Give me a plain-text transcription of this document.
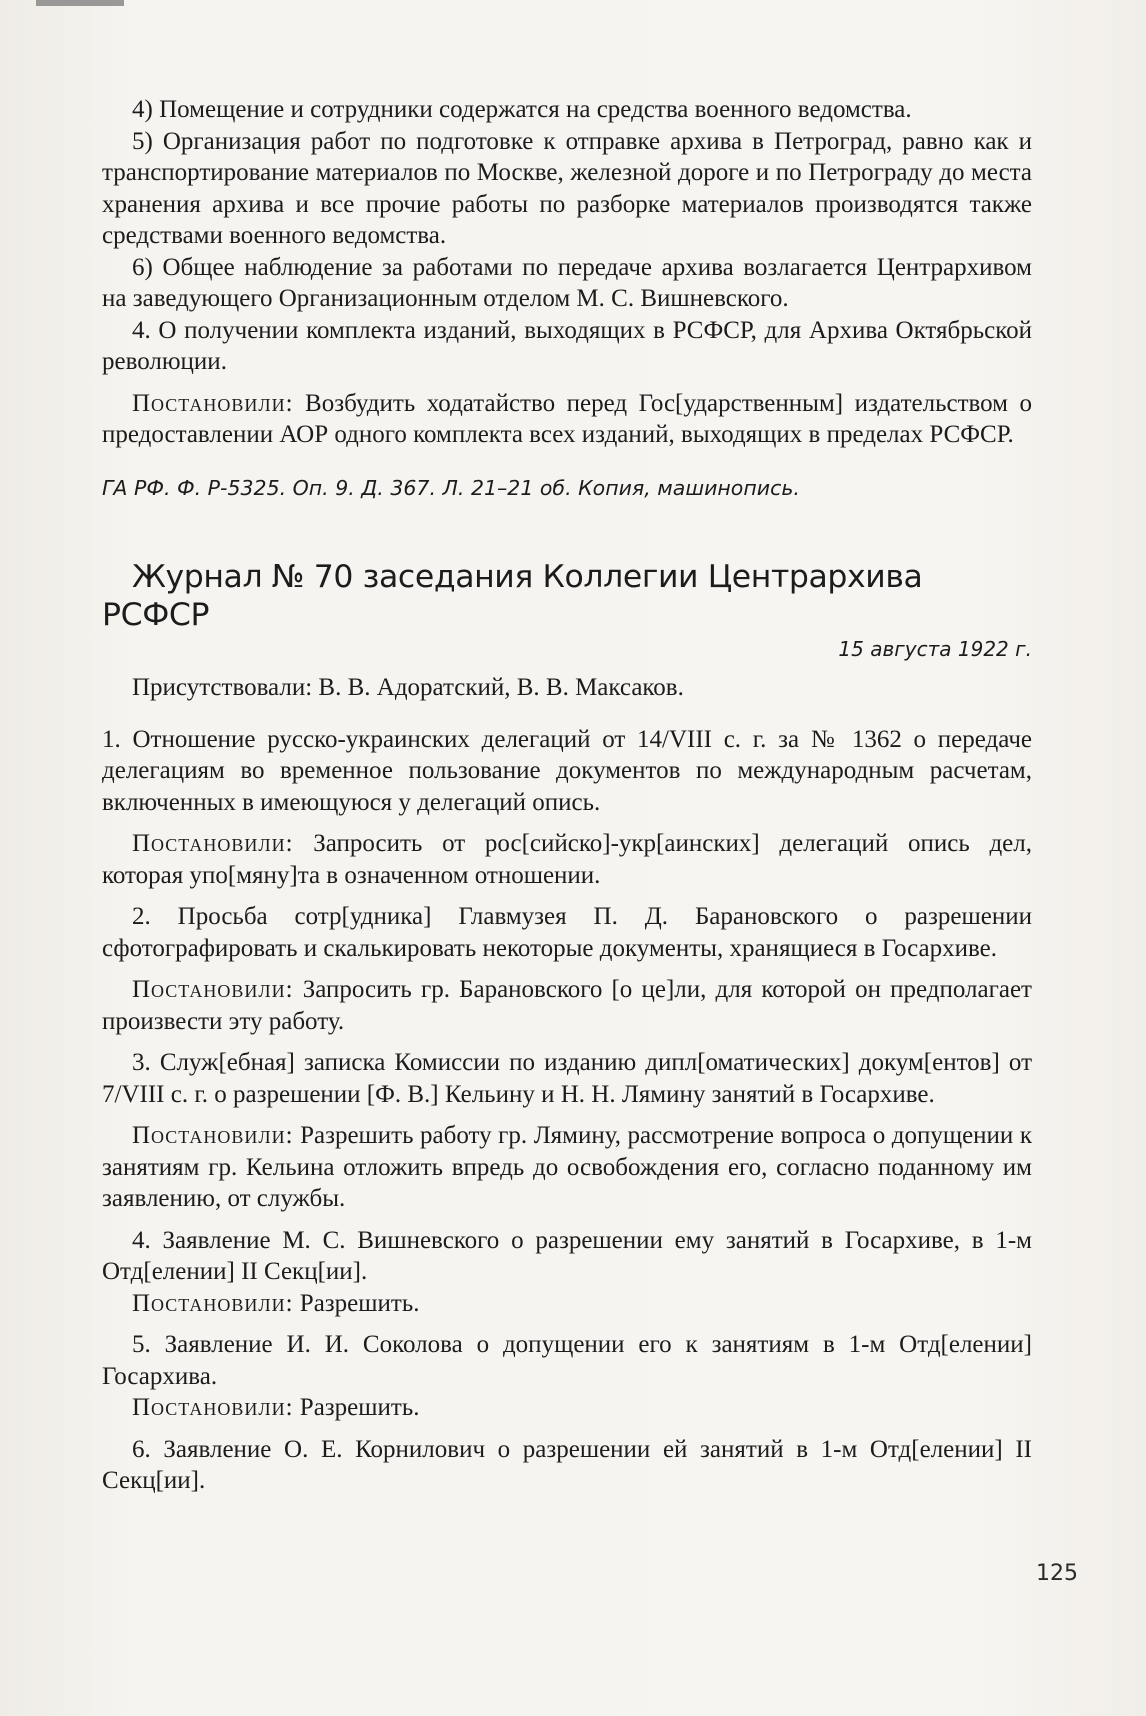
4) Помещение и сотрудники содержатся на средства военного ведомства.

5) Организация работ по подготовке к отправке архива в Петроград, равно как и транспортирование материалов по Москве, железной дороге и по Петрограду до места хранения архива и все прочие работы по разборке материалов производятся также средствами военного ведомства.

6) Общее наблюдение за работами по передаче архива возлагается Центрархивом на заведующего Организационным отделом М. С. Вишневского.

4. О получении комплекта изданий, выходящих в РСФСР, для Архива Октябрьской революции.

Постановили: Возбудить ходатайство перед Гос[ударственным] издательством о предоставлении АОР одного комплекта всех изданий, выходящих в пределах РСФСР.

ГА РФ. Ф. Р-5325. Оп. 9. Д. 367. Л. 21–21 об. Копия, машинопись.

Журнал № 70 заседания Коллегии Центрархива РСФСР

15 августа 1922 г.

Присутствовали: В. В. Адоратский, В. В. Максаков.

1. Отношение русско-украинских делегаций от 14/VIII с. г. за № 1362 о передаче делегациям во временное пользование документов по международным расчетам, включенных в имеющуюся у делегаций опись.

Постановили: Запросить от рос[сийско]-укр[аинских] делегаций опись дел, которая упо[мяну]та в означенном отношении.

2. Просьба сотр[удника] Главмузея П. Д. Барановского о разрешении сфотографировать и скалькировать некоторые документы, хранящиеся в Госархиве.

Постановили: Запросить гр. Барановского [о це]ли, для которой он предполагает произвести эту работу.

3. Служ[ебная] записка Комиссии по изданию дипл[оматических] докум[ентов] от 7/VIII с. г. о разрешении [Ф. В.] Кельину и Н. Н. Лямину занятий в Госархиве.

Постановили: Разрешить работу гр. Лямину, рассмотрение вопроса о допущении к занятиям гр. Кельина отложить впредь до освобождения его, согласно поданному им заявлению, от службы.

4. Заявление М. С. Вишневского о разрешении ему занятий в Госархиве, в 1-м Отд[елении] II Секц[ии].

Постановили: Разрешить.

5. Заявление И. И. Соколова о допущении его к занятиям в 1-м Отд[елении] Госархива.

Постановили: Разрешить.

6. Заявление О. Е. Корнилович о разрешении ей занятий в 1-м Отд[елении] II Секц[ии].

125
